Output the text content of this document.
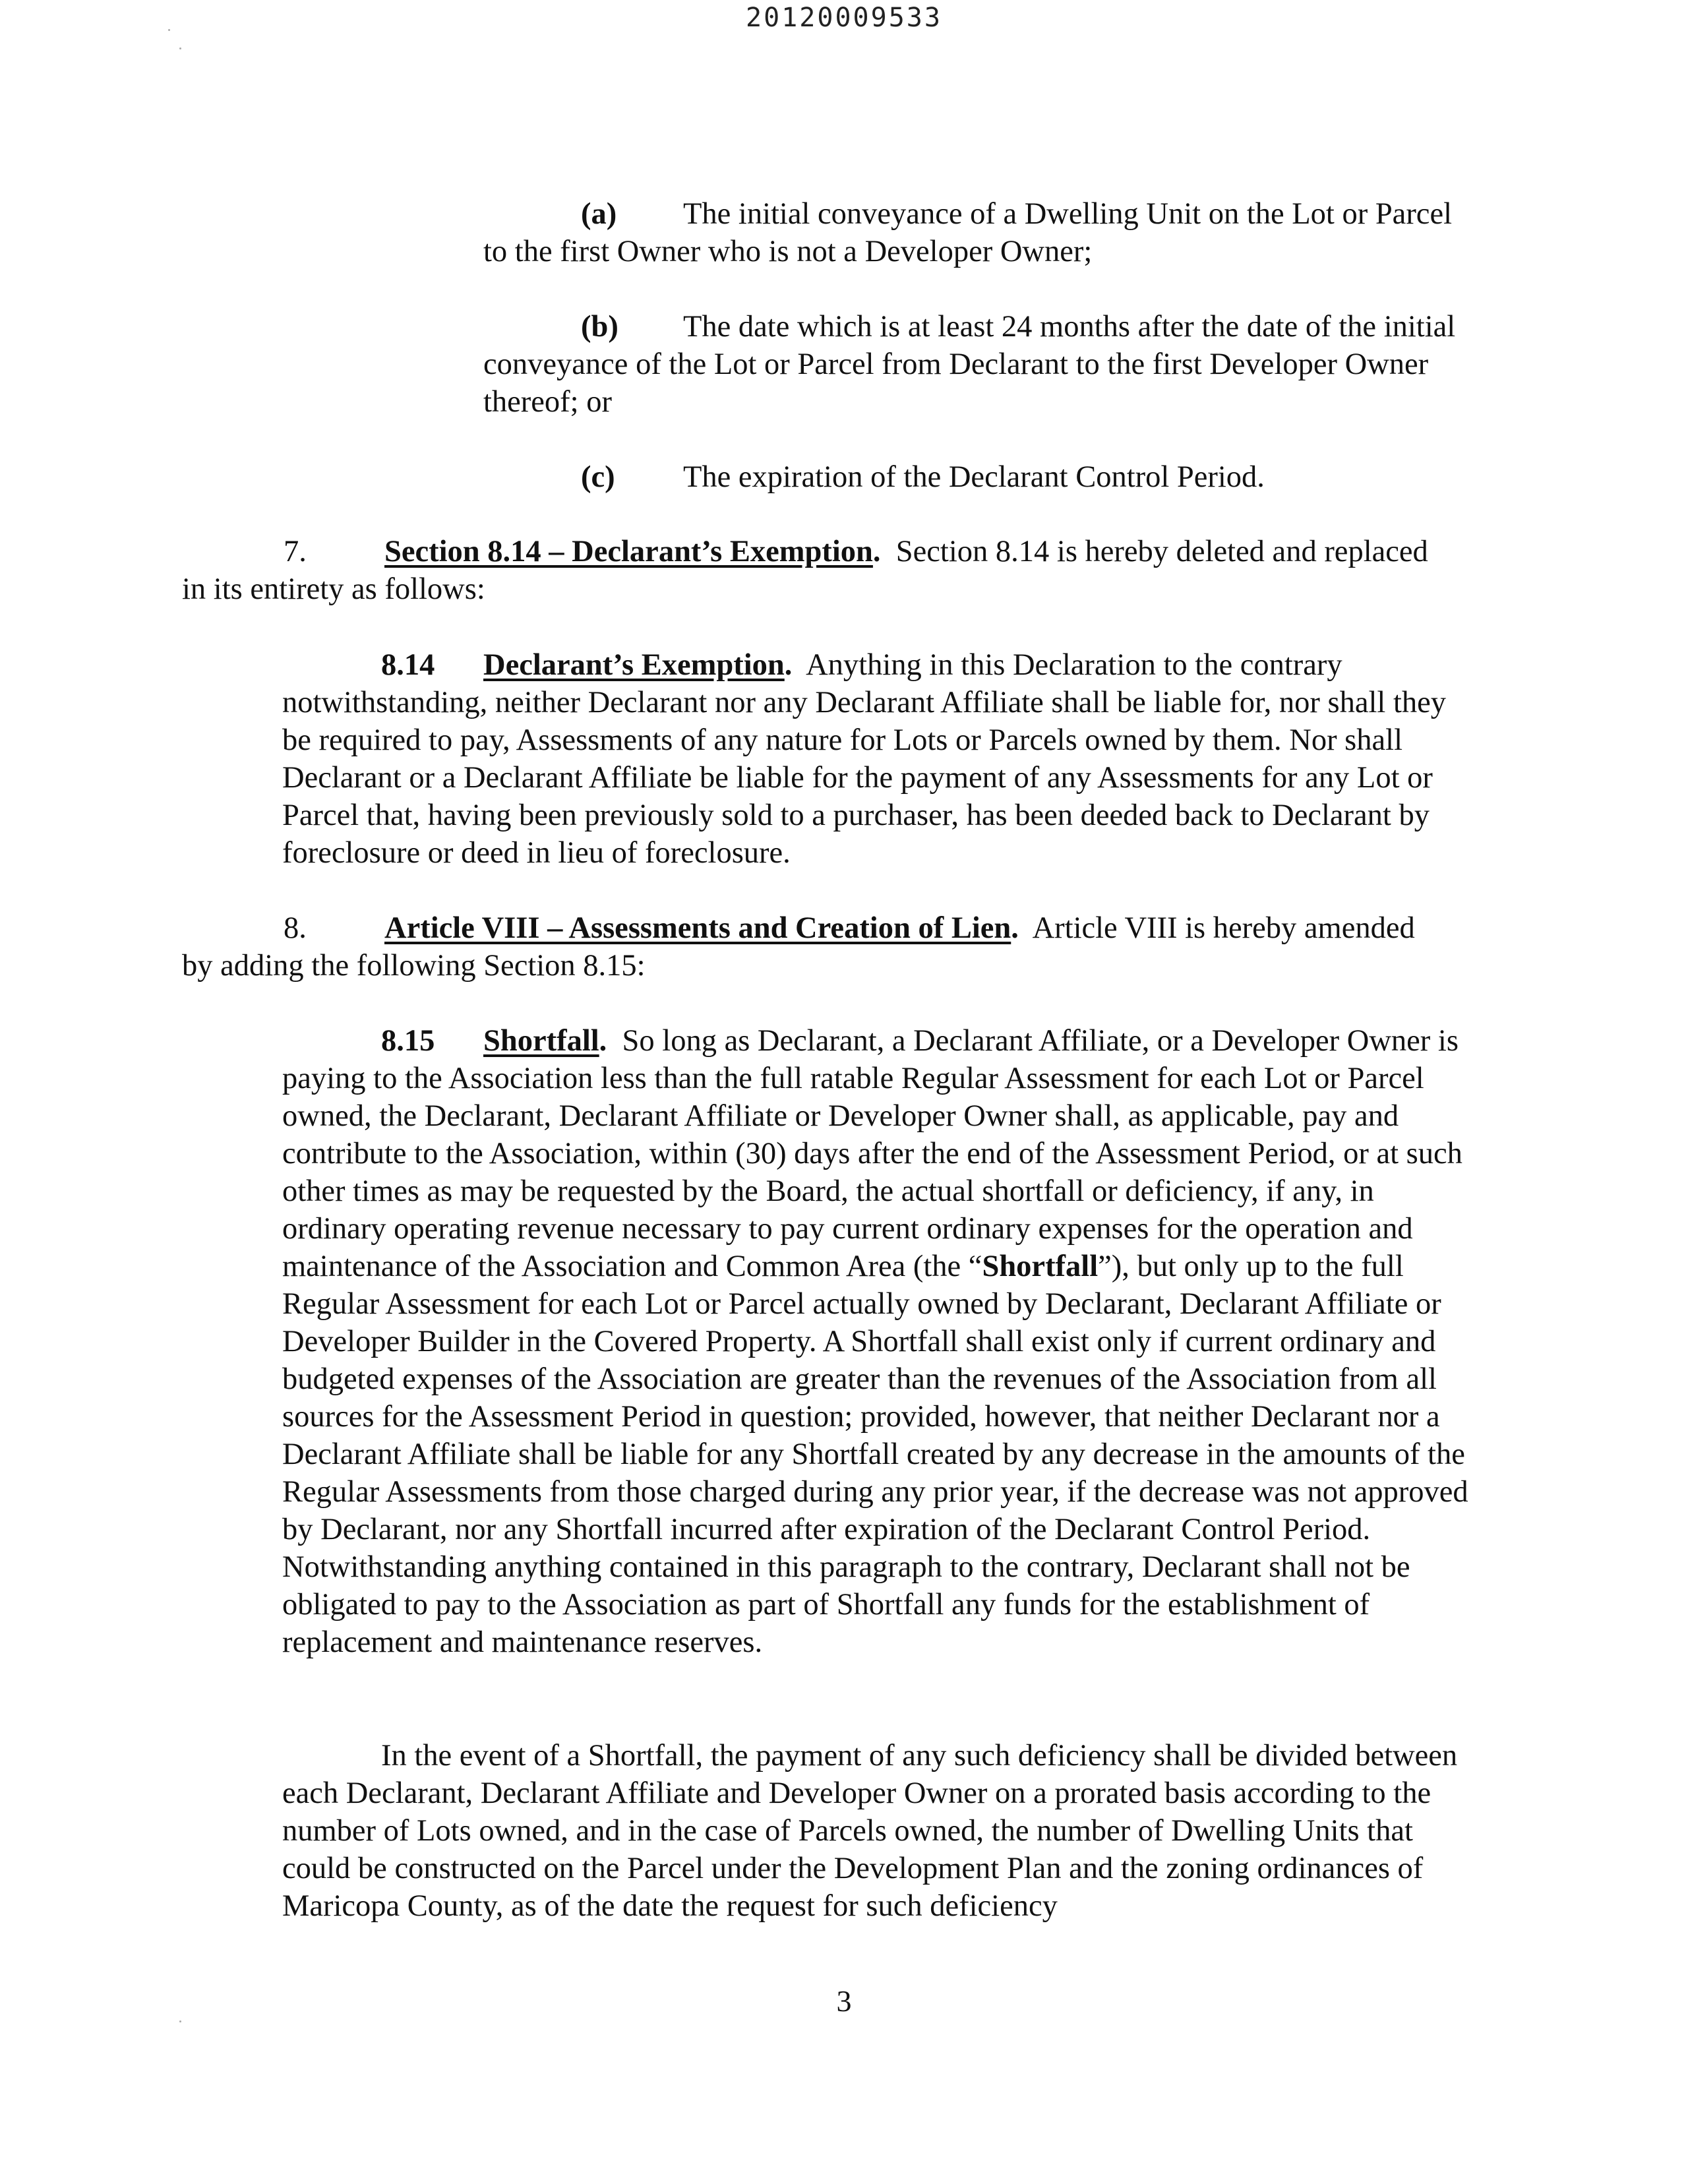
20120009533
(a) The initial conveyance of a Dwelling Unit on the Lot or Parcel to the first Owner who is not a Developer Owner;
(b) The date which is at least 24 months after the date of the initial conveyance of the Lot or Parcel from Declarant to the first Developer Owner thereof; or
(c) The expiration of the Declarant Control Period.
7.	Section 8.14 – Declarant’s Exemption. Section 8.14 is hereby deleted and replaced in its entirety as follows:
8.14 Declarant’s Exemption. Anything in this Declaration to the contrary notwithstanding, neither Declarant nor any Declarant Affiliate shall be liable for, nor shall they be required to pay, Assessments of any nature for Lots or Parcels owned by them. Nor shall Declarant or a Declarant Affiliate be liable for the payment of any Assessments for any Lot or Parcel that, having been previously sold to a purchaser, has been deeded back to Declarant by foreclosure or deed in lieu of foreclosure.
8.	Article VIII – Assessments and Creation of Lien. Article VIII is hereby amended by adding the following Section 8.15:
8.15 Shortfall. So long as Declarant, a Declarant Affiliate, or a Developer Owner is paying to the Association less than the full ratable Regular Assessment for each Lot or Parcel owned, the Declarant, Declarant Affiliate or Developer Owner shall, as applicable, pay and contribute to the Association, within (30) days after the end of the Assessment Period, or at such other times as may be requested by the Board, the actual shortfall or deficiency, if any, in ordinary operating revenue necessary to pay current ordinary expenses for the operation and maintenance of the Association and Common Area (the “Shortfall”), but only up to the full Regular Assessment for each Lot or Parcel actually owned by Declarant, Declarant Affiliate or Developer Builder in the Covered Property. A Shortfall shall exist only if current ordinary and budgeted expenses of the Association are greater than the revenues of the Association from all sources for the Assessment Period in question; provided, however, that neither Declarant nor a Declarant Affiliate shall be liable for any Shortfall created by any decrease in the amounts of the Regular Assessments from those charged during any prior year, if the decrease was not approved by Declarant, nor any Shortfall incurred after expiration of the Declarant Control Period. Notwithstanding anything contained in this paragraph to the contrary, Declarant shall not be obligated to pay to the Association as part of Shortfall any funds for the establishment of replacement and maintenance reserves.
In the event of a Shortfall, the payment of any such deficiency shall be divided between each Declarant, Declarant Affiliate and Developer Owner on a prorated basis according to the number of Lots owned, and in the case of Parcels owned, the number of Dwelling Units that could be constructed on the Parcel under the Development Plan and the zoning ordinances of Maricopa County, as of the date the request for such deficiency
3
